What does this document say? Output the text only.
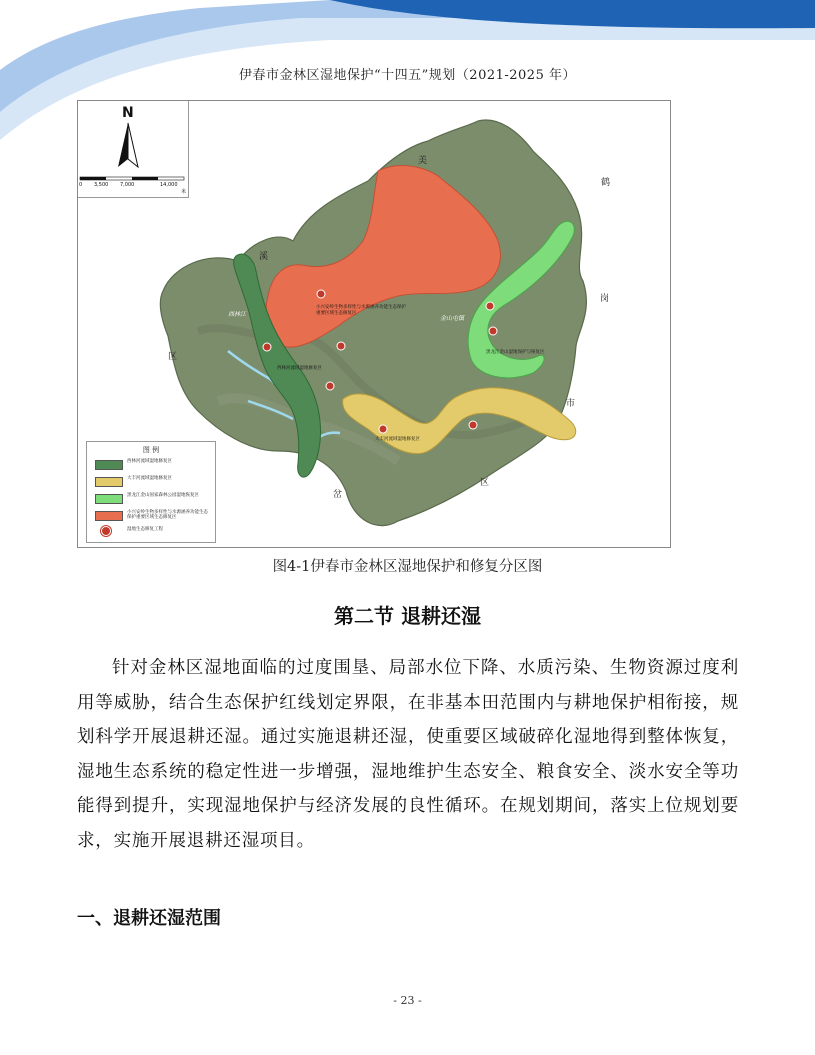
伊春市金林区湿地保护“十四五”规划（2021-2025 年）
N
0 3,500 7,000	14,000
米
美
鹤
岗
市
溪
区
岔
区
西林江
金山屯镇
小兴安岭生物多样性与水源涵养功能生态保护重要区域生态修复区
黑龙江金山湿地保护与恢复区
西林河流域湿地修复区
大丰河流域湿地修复区
图 例
西林河流域湿地修复区
大丰河流域湿地修复区
黑龙江金山国家森林公园湿地恢复区
小兴安岭生物多样性与水源涵养功能生态保护重要区域生态修复区
湿地生态修复工程
图4-1伊春市金林区湿地保护和修复分区图
第二节 退耕还湿

针对金林区湿地面临的过度围垦、局部水位下降、水质污染、生物资源过度利用等威胁，结合生态保护红线划定界限，在非基本田范围内与耕地保护相衔接，规划科学开展退耕还湿。通过实施退耕还湿，使重要区域破碎化湿地得到整体恢复，湿地生态系统的稳定性进一步增强，湿地维护生态安全、粮食安全、淡水安全等功能得到提升，实现湿地保护与经济发展的良性循环。在规划期间，落实上位规划要求，实施开展退耕还湿项目。

一、退耕还湿范围
- 23 -
